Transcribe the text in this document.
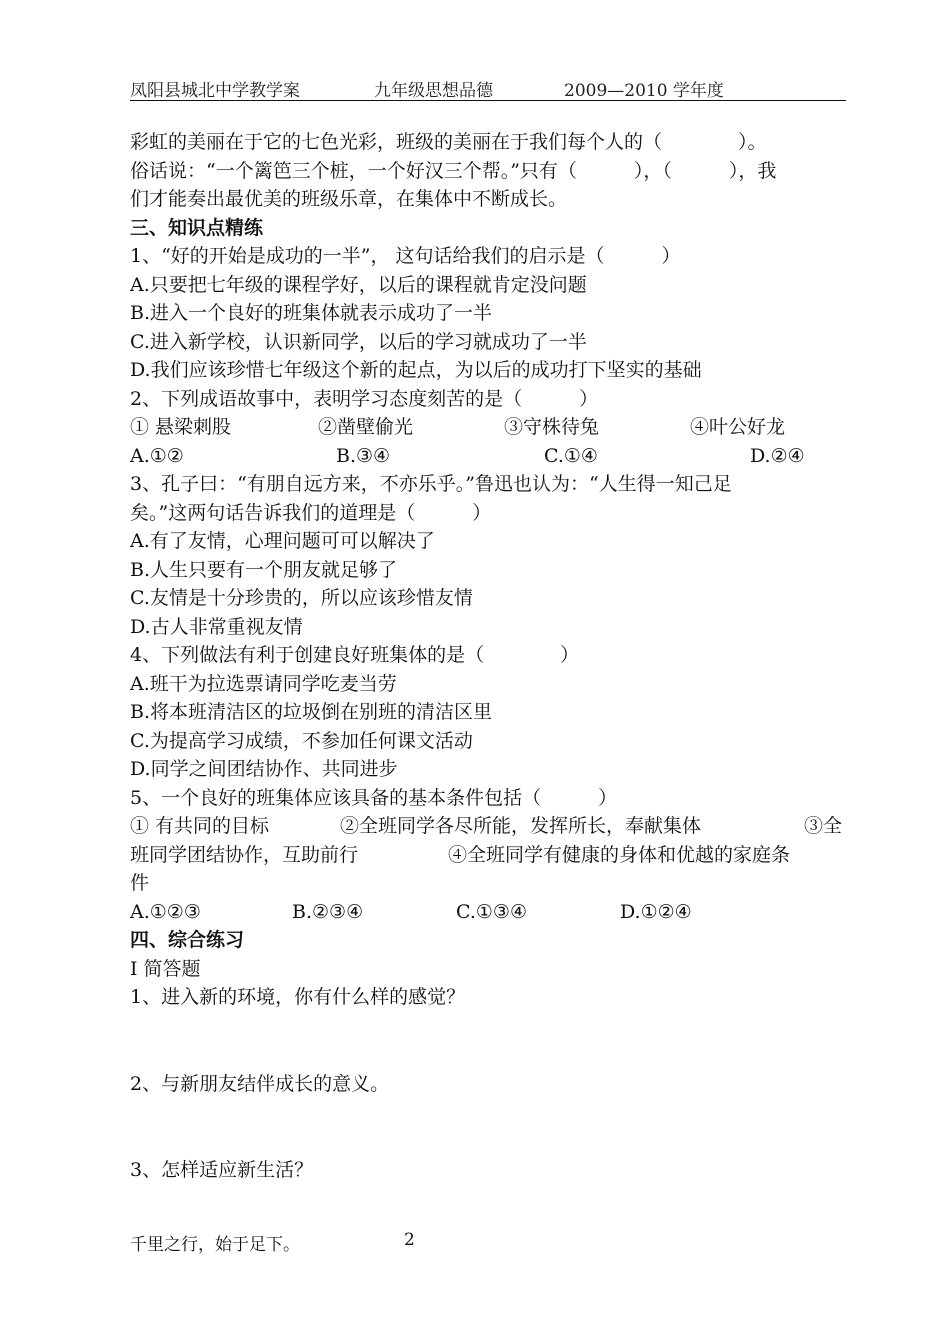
凤阳县城北中学教学案	九年级思想品德	2009—2010 学年度
彩虹的美丽在于它的七色光彩，班级的美丽在于我们每个人的（　　　　）。
俗话说：“一个篱笆三个桩，一个好汉三个帮。”只有（　　　），（　　　），我
们才能奏出最优美的班级乐章，在集体中不断成长。
三、知识点精练
1、“好的开始是成功的一半”， 这句话给我们的启示是（　　　）
A.只要把七年级的课程学好，以后的课程就肯定没问题
B.进入一个良好的班集体就表示成功了一半
C.进入新学校，认识新同学，以后的学习就成功了一半
D.我们应该珍惜七年级这个新的起点，为以后的成功打下坚实的基础
2、下列成语故事中，表明学习态度刻苦的是（　　　）
① 悬梁刺股	②凿壁偷光	③守株待兔	④叶公好龙
A.①②	B.③④	C.①④	D.②④
3、孔子曰：“有朋自远方来，不亦乐乎。”鲁迅也认为：“人生得一知己足
矣。”这两句话告诉我们的道理是（　　　）
A.有了友情，心理问题可可以解决了
B.人生只要有一个朋友就足够了
C.友情是十分珍贵的，所以应该珍惜友情
D.古人非常重视友情
4、下列做法有利于创建良好班集体的是（　　　　）
A.班干为拉选票请同学吃麦当劳
B.将本班清洁区的垃圾倒在别班的清洁区里
C.为提高学习成绩，不参加任何课文活动
D.同学之间团结协作、共同进步
5、一个良好的班集体应该具备的基本条件包括（　　　）
① 有共同的目标	②全班同学各尽所能，发挥所长，奉献集体	③全
班同学团结协作，互助前行	④全班同学有健康的身体和优越的家庭条
件
A.①②③	B.②③④	C.①③④	D.①②④
四、综合练习
Ⅰ 简答题
1、进入新的环境，你有什么样的感觉？
2、与新朋友结伴成长的意义。
3、怎样适应新生活？
千里之行，始于足下。	2
